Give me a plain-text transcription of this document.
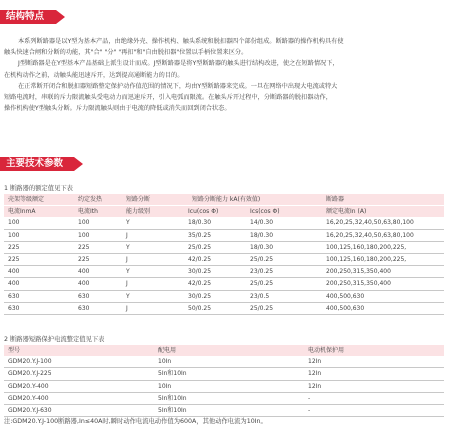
结构特点
本系列断路器是以Y型为基本产品，由绝缘外壳、操作机构、触头系统和脱扣器四个部份组成。断路器的操作机构具有使
触头快速合闸和分断的功能，其"合" "分" "再扣"和"自由脱扣器"位置以手柄位置来区分。
J型断路器是在Y型基本产品基础上派生设计而成。J型断路器是将Y型断路器的触头进行结构改进，使之在短路情况下，
在机构动作之前，动触头能迅速斥开，达到提高通断能力的目的。
在正常断开闭合和脱扣器短路整定保护动作值范围的情况下，均由Y型断路器来完成。一旦在网络中出现大电流或特大
短路电流时，串联的斥力限流触头受电动力而迅速斥开，引入电弧而限流。在触头斥开过程中，分断路器的脱扣器动作，
操作机构使Y型触头分断。斥力限流触头则由于电流的降低或消失而回到闭合状态。
主要技术参数
1 断路器的额定值见下表
壳架等级额定	约定发热	短路分断	短路分断能力 kA(有效值)		断路器
电流InmA	电流Ith	能力级别	Icu(cos Φ)	Ics(cos Φ)	额定电流In (A)
100	100	Y	18/0.30	14/0.30	16,20,25,32,40,50,63,80,100
100	100	J	35/0.25	18/0.30	16,20,25,32,40,50,63,80,100
225	225	Y	25/0.25	18/0.30	100,125,160,180,200,225,
225	225	J	42/0.25	25/0.25	100,125,160,180,200,225,
400	400	Y	30/0.25	23/0.25	200,250,315,350,400
400	400	J	42/0.25	25/0.25	200,250,315,350,400
630	630	Y	30/0.25	23/0.5	400,500,630
630	630	J	50/0.25	25/0.25	400,500,630
2 断路器短路保护电流整定值见下表
型号	配电用	电动机保护用
GDM20.Y.J-100	10In	12In
GDM20.Y.J-225	5In和10In	12In
GDM20.Y-400	10In	12In
GDM20.Y-400	5In和10In	-
GDM20.Y.J-630	5In和10In	-
注:GDM20.Y.J-100断路器,In≤40A时,瞬时动作电流电动作值为600A，其他动作电流为10In。
